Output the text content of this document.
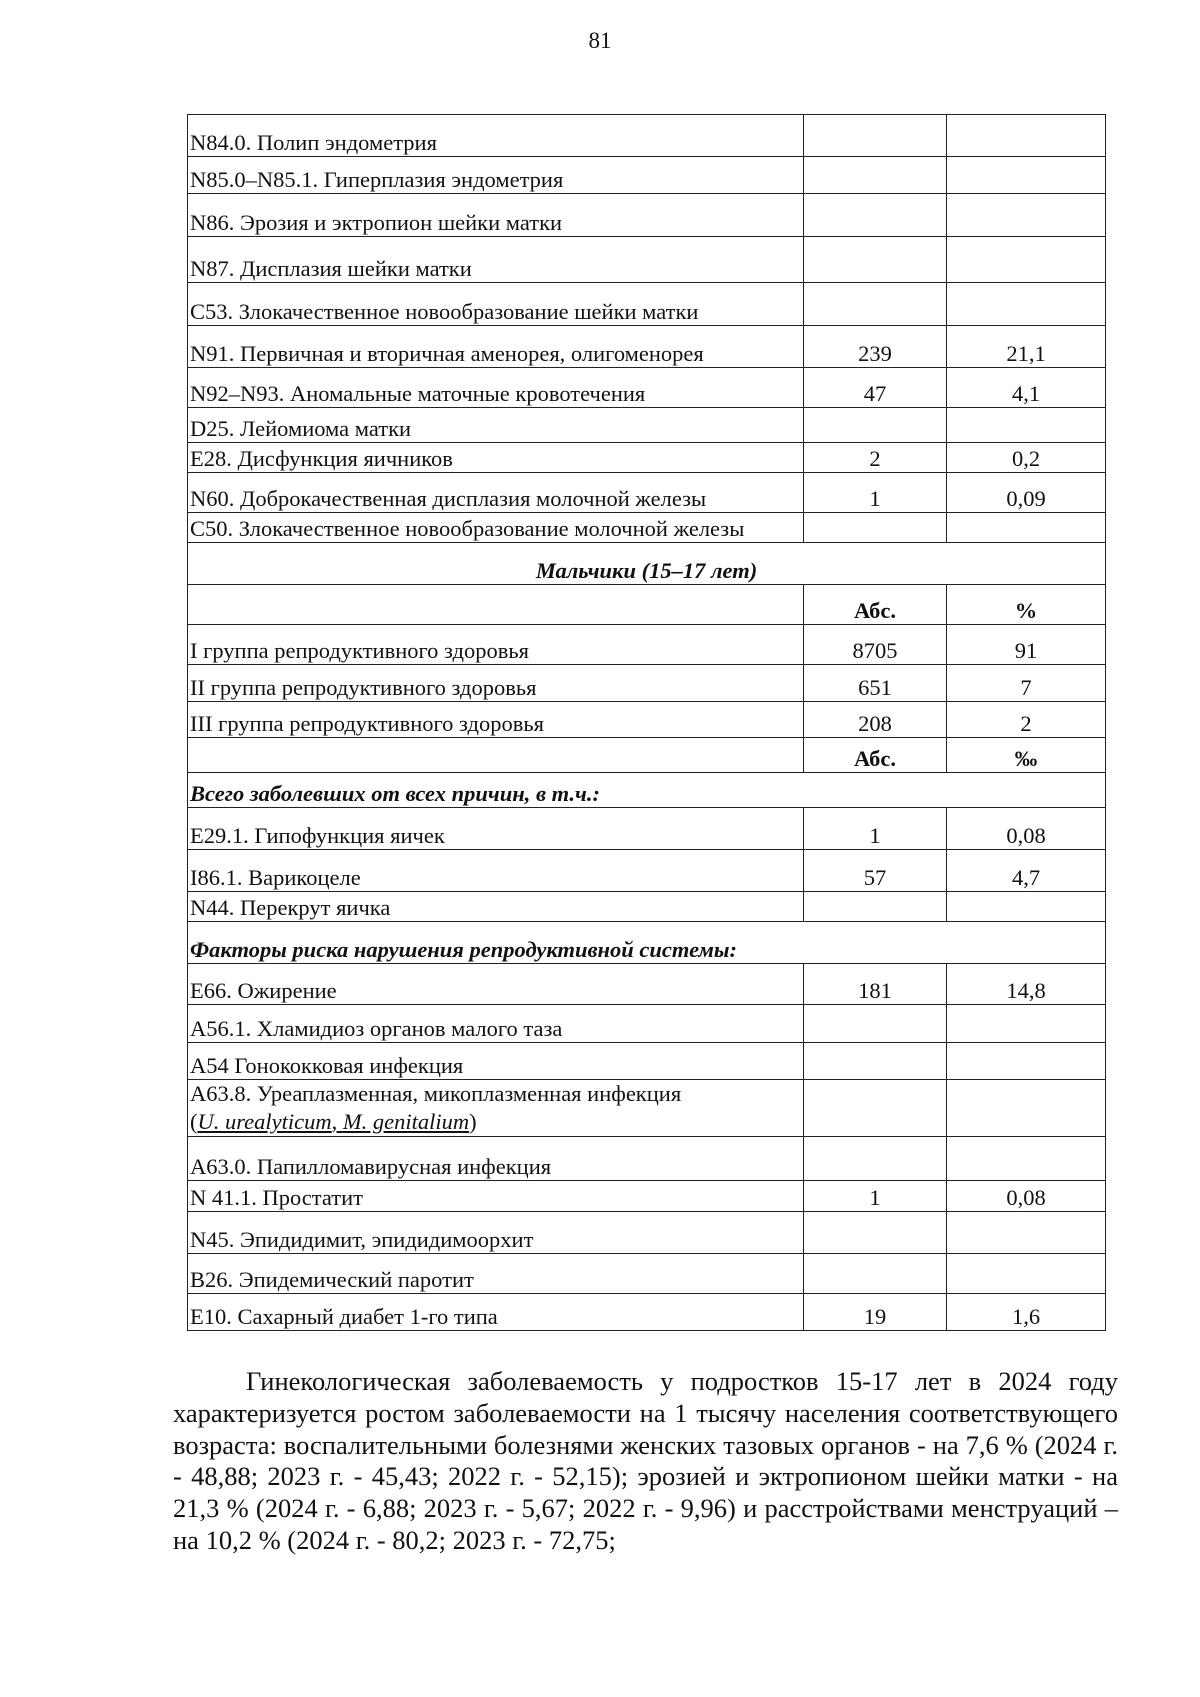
81
N84.0. Полип эндометрия		
N85.0–N85.1. Гиперплазия эндометрия		
N86. Эрозия и эктропион шейки матки		
N87. Дисплазия шейки матки		
С53. Злокачественное новообразование шейки матки		
N91. Первичная и вторичная аменорея, олигоменорея	239	21,1
N92–N93. Аномальные маточные кровотечения	47	4,1
D25. Лейомиома матки		
Е28. Дисфункция яичников	2	0,2
N60. Доброкачественная дисплазия молочной железы	1	0,09
С50. Злокачественное новообразование молочной железы		
Мальчики (15–17 лет)		
	Абс.	%
I группа репродуктивного здоровья	8705	91
II группа репродуктивного здоровья	651	7
III группа репродуктивного здоровья	208	2
	Абс.	‰
Всего заболевших от всех причин, в т.ч.:		
Е29.1. Гипофункция яичек	1	0,08
I86.1. Варикоцеле	57	4,7
N44. Перекрут яичка		
Факторы риска нарушения репродуктивной системы:		
Е66. Ожирение	181	14,8
А56.1. Хламидиоз органов малого таза		
А54 Гонококковая инфекция		
А63.8. Уреаплазменная, микоплазменная инфекция
(U. urealyticum, M. genitalium)		
А63.0. Папилломавирусная инфекция		
N 41.1. Простатит	1	0,08
N45. Эпидидимит, эпидидимоорхит		
В26. Эпидемический паротит		
Е10. Сахарный диабет 1-го типа	19	1,6

Гинекологическая заболеваемость у подростков 15-17 лет в 2024 году характеризуется ростом заболеваемости на 1 тысячу населения соответствующего возраста: воспалительными болезнями женских тазовых органов - на 7,6 % (2024 г. - 48,88; 2023 г. - 45,43; 2022 г. - 52,15); эрозией и эктропионом шейки матки - на 21,3 % (2024 г. - 6,88; 2023 г. - 5,67; 2022 г. - 9,96) и расстройствами менструаций – на 10,2 % (2024 г. - 80,2; 2023 г. - 72,75;
